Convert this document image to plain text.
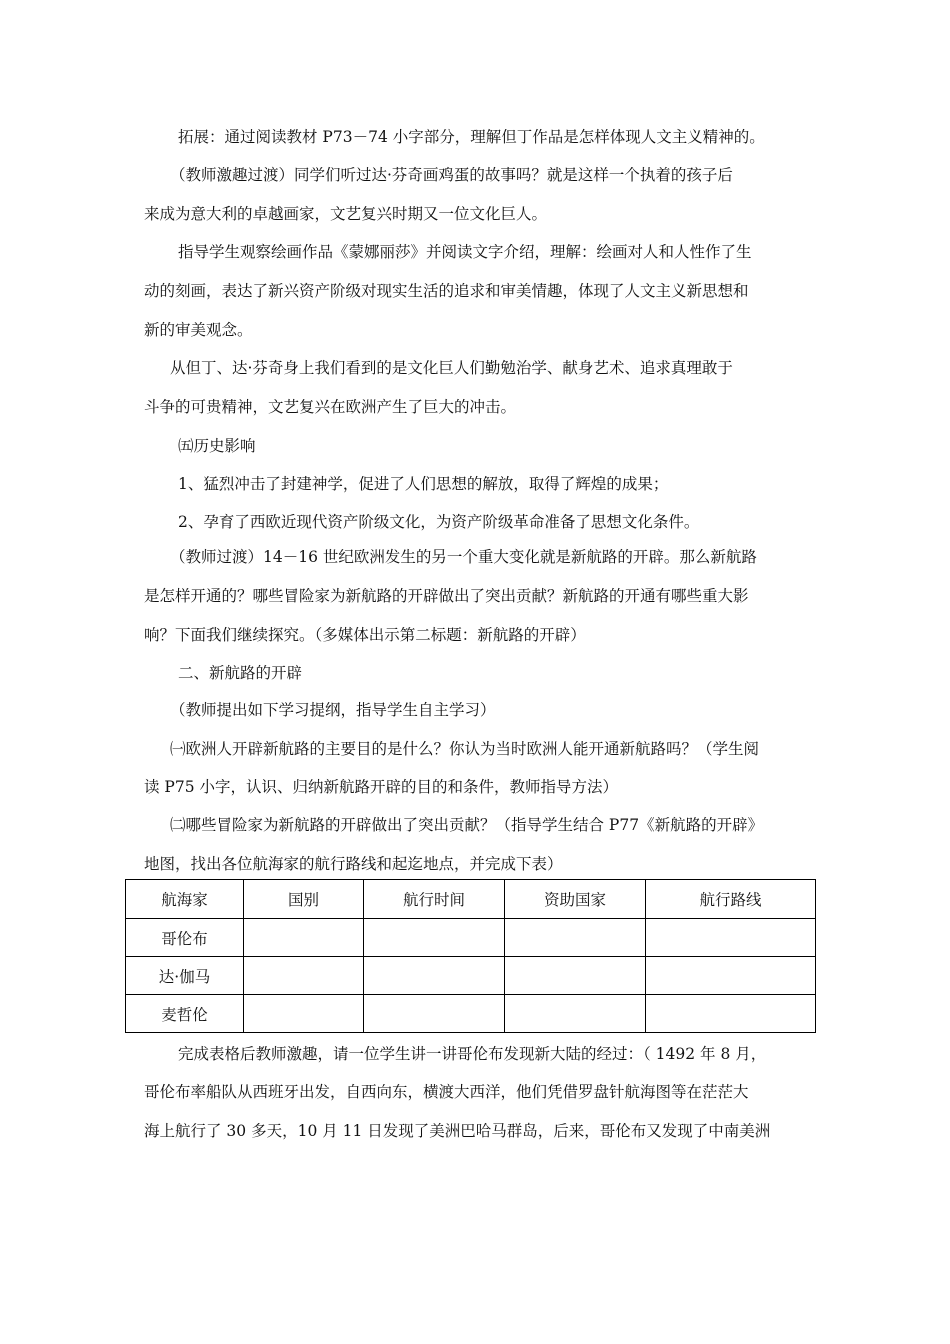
拓展：通过阅读教材 P73－74 小字部分，理解但丁作品是怎样体现人文主义精神的。
（教师激趣过渡）同学们听过达·芬奇画鸡蛋的故事吗？就是这样一个执着的孩子后
来成为意大利的卓越画家，文艺复兴时期又一位文化巨人。
指导学生观察绘画作品《蒙娜丽莎》并阅读文字介绍，理解：绘画对人和人性作了生
动的刻画，表达了新兴资产阶级对现实生活的追求和审美情趣，体现了人文主义新思想和
新的审美观念。
从但丁、达·芬奇身上我们看到的是文化巨人们勤勉治学、献身艺术、追求真理敢于
斗争的可贵精神，文艺复兴在欧洲产生了巨大的冲击。
㈤历史影响
1、猛烈冲击了封建神学，促进了人们思想的解放，取得了辉煌的成果；
2、孕育了西欧近现代资产阶级文化，为资产阶级革命准备了思想文化条件。
（教师过渡）14－16 世纪欧洲发生的另一个重大变化就是新航路的开辟。那么新航路
是怎样开通的？哪些冒险家为新航路的开辟做出了突出贡献？新航路的开通有哪些重大影
响？下面我们继续探究。（多媒体出示第二标题：新航路的开辟）
二、新航路的开辟
（教师提出如下学习提纲，指导学生自主学习）
㈠欧洲人开辟新航路的主要目的是什么？你认为当时欧洲人能开通新航路吗？（学生阅
读 P75 小字，认识、归纳新航路开辟的目的和条件，教师指导方法）
㈡哪些冒险家为新航路的开辟做出了突出贡献？（指导学生结合 P77《新航路的开辟》
地图，找出各位航海家的航行路线和起迄地点，并完成下表）
航海家	国别	航行时间	资助国家	航行路线
哥伦布				
达·伽马				
麦哲伦				
完成表格后教师激趣，请一位学生讲一讲哥伦布发现新大陆的经过：（ 1492 年 8 月，
哥伦布率船队从西班牙出发，自西向东，横渡大西洋，他们凭借罗盘针航海图等在茫茫大
海上航行了 30 多天，10 月 11 日发现了美洲巴哈马群岛，后来，哥伦布又发现了中南美洲
